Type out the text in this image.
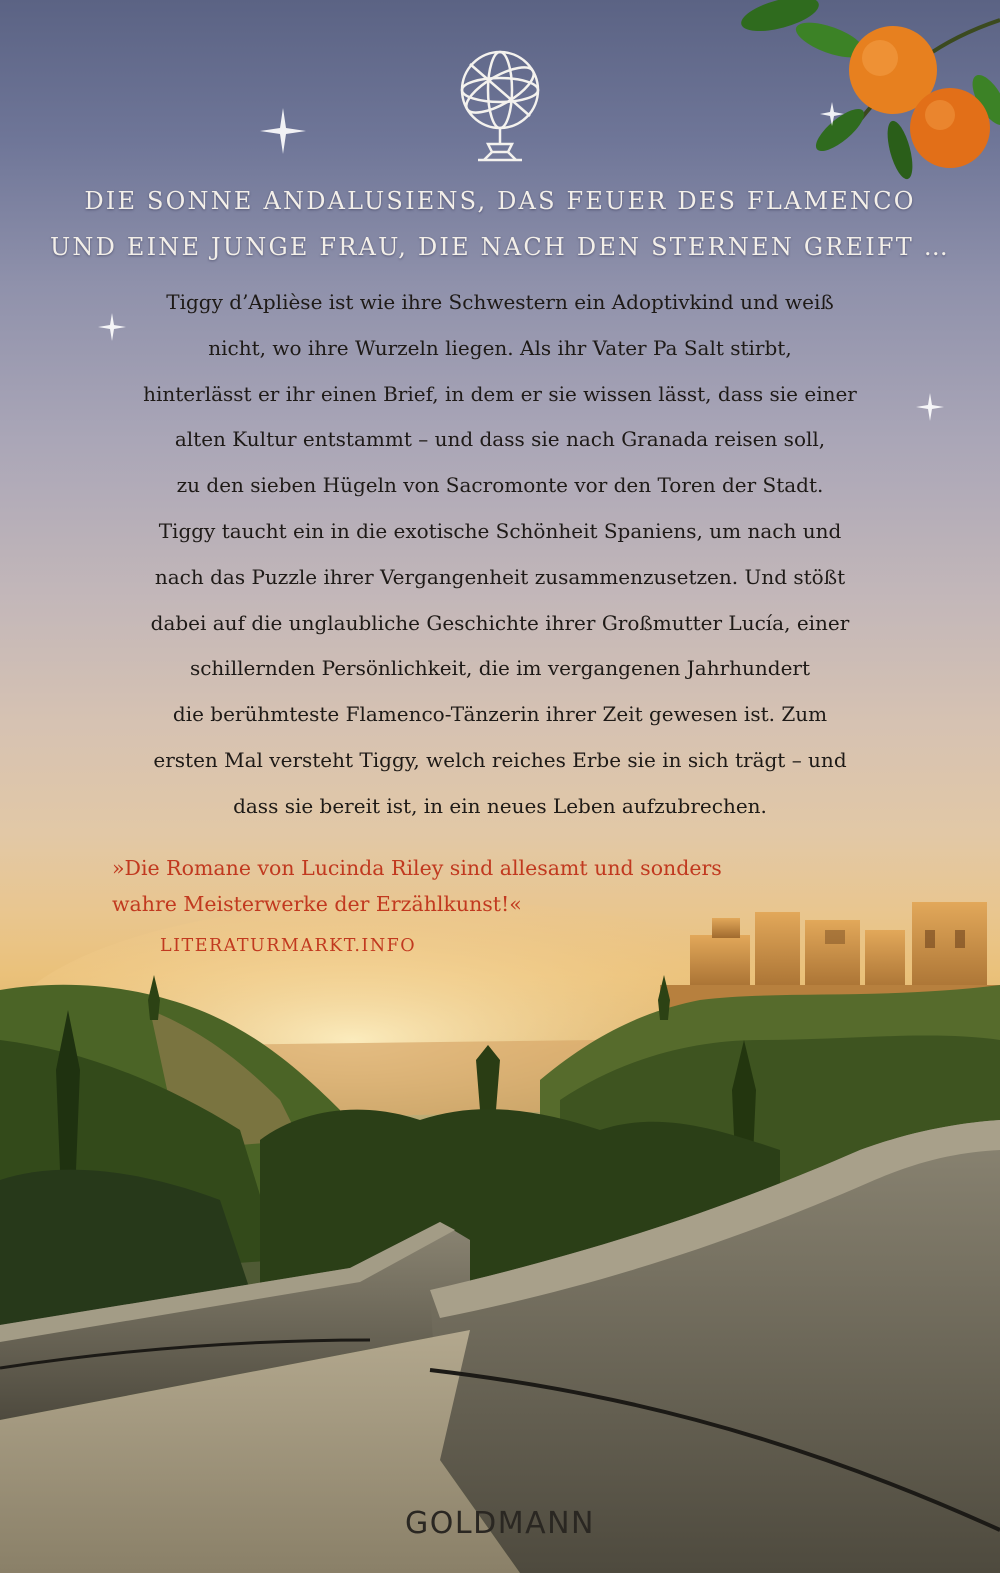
DIE SONNE ANDALUSIENS, DAS FEUER DES FLAMENCO
UND EINE JUNGE FRAU, DIE NACH DEN STERNEN GREIFT …
Tiggy d’Aplièse ist wie ihre Schwestern ein Adoptivkind und weiß
nicht, wo ihre Wurzeln liegen. Als ihr Vater Pa Salt stirbt,
hinterlässt er ihr einen Brief, in dem er sie wissen lässt, dass sie einer
alten Kultur entstammt – und dass sie nach Granada reisen soll,
zu den sieben Hügeln von Sacromonte vor den Toren der Stadt.
Tiggy taucht ein in die exotische Schönheit Spaniens, um nach und
nach das Puzzle ihrer Vergangenheit zusammenzusetzen. Und stößt
dabei auf die unglaubliche Geschichte ihrer Großmutter Lucía, einer
schillernden Persönlichkeit, die im vergangenen Jahrhundert
die berühmteste Flamenco-Tänzerin ihrer Zeit gewesen ist. Zum
ersten Mal versteht Tiggy, welch reiches Erbe sie in sich trägt – und
dass sie bereit ist, in ein neues Leben aufzubrechen.
»Die Romane von Lucinda Riley sind allesamt und sonders
wahre Meisterwerke der Erzählkunst!«
LITERATURMARKT.INFO
GOLDMANN
